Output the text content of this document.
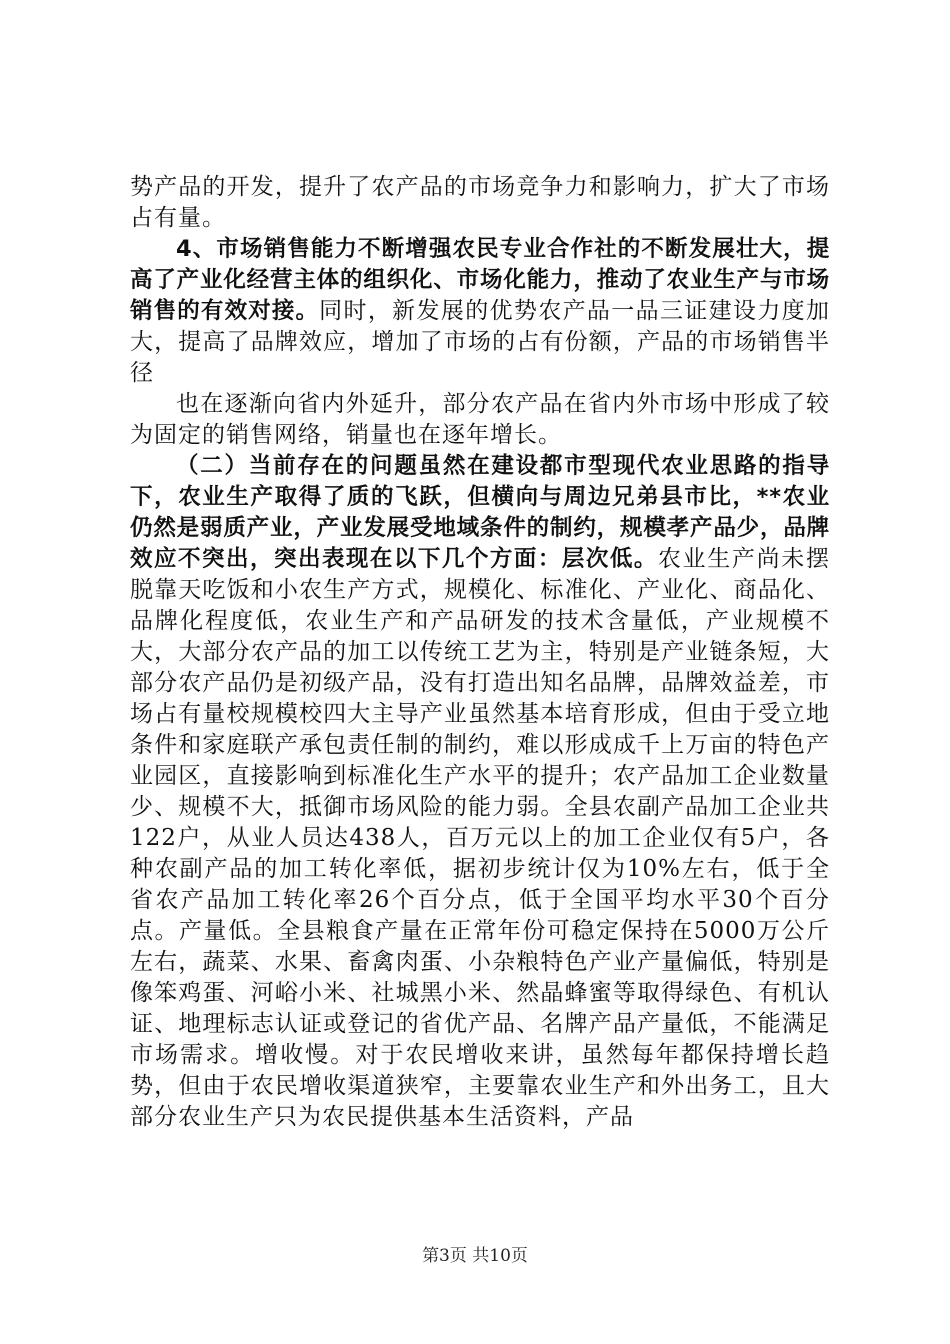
势产品的开发，提升了农产品的市场竞争力和影响力，扩大了市场占有量。

4、市场销售能力不断增强农民专业合作社的不断发展壮大，提高了产业化经营主体的组织化、市场化能力，推动了农业生产与市场销售的有效对接。同时，新发展的优势农产品一品三证建设力度加大，提高了品牌效应，增加了市场的占有份额，产品的市场销售半径

也在逐渐向省内外延升，部分农产品在省内外市场中形成了较为固定的销售网络，销量也在逐年增长。

（二）当前存在的问题虽然在建设都市型现代农业思路的指导下，农业生产取得了质的飞跃，但横向与周边兄弟县市比，**农业仍然是弱质产业，产业发展受地域条件的制约，规模孝产品少，品牌效应不突出，突出表现在以下几个方面：层次低。农业生产尚未摆脱靠天吃饭和小农生产方式，规模化、标准化、产业化、商品化、品牌化程度低，农业生产和产品研发的技术含量低，产业规模不大，大部分农产品的加工以传统工艺为主，特别是产业链条短，大部分农产品仍是初级产品，没有打造出知名品牌，品牌效益差，市场占有量校规模校四大主导产业虽然基本培育形成，但由于受立地条件和家庭联产承包责任制的制约，难以形成成千上万亩的特色产业园区，直接影响到标准化生产水平的提升；农产品加工企业数量少、规模不大，抵御市场风险的能力弱。全县农副产品加工企业共122户，从业人员达438人，百万元以上的加工企业仅有5户，各种农副产品的加工转化率低，据初步统计仅为10%左右，低于全省农产品加工转化率26个百分点，低于全国平均水平30个百分点。产量低。全县粮食产量在正常年份可稳定保持在5000万公斤左右，蔬菜、水果、畜禽肉蛋、小杂粮特色产业产量偏低，特别是像笨鸡蛋、河峪小米、社城黑小米、然晶蜂蜜等取得绿色、有机认证、地理标志认证或登记的省优产品、名牌产品产量低，不能满足市场需求。增收慢。对于农民增收来讲，虽然每年都保持增长趋势，但由于农民增收渠道狭窄，主要靠农业生产和外出务工，且大部分农业生产只为农民提供基本生活资料，产品

第3页 共10页
